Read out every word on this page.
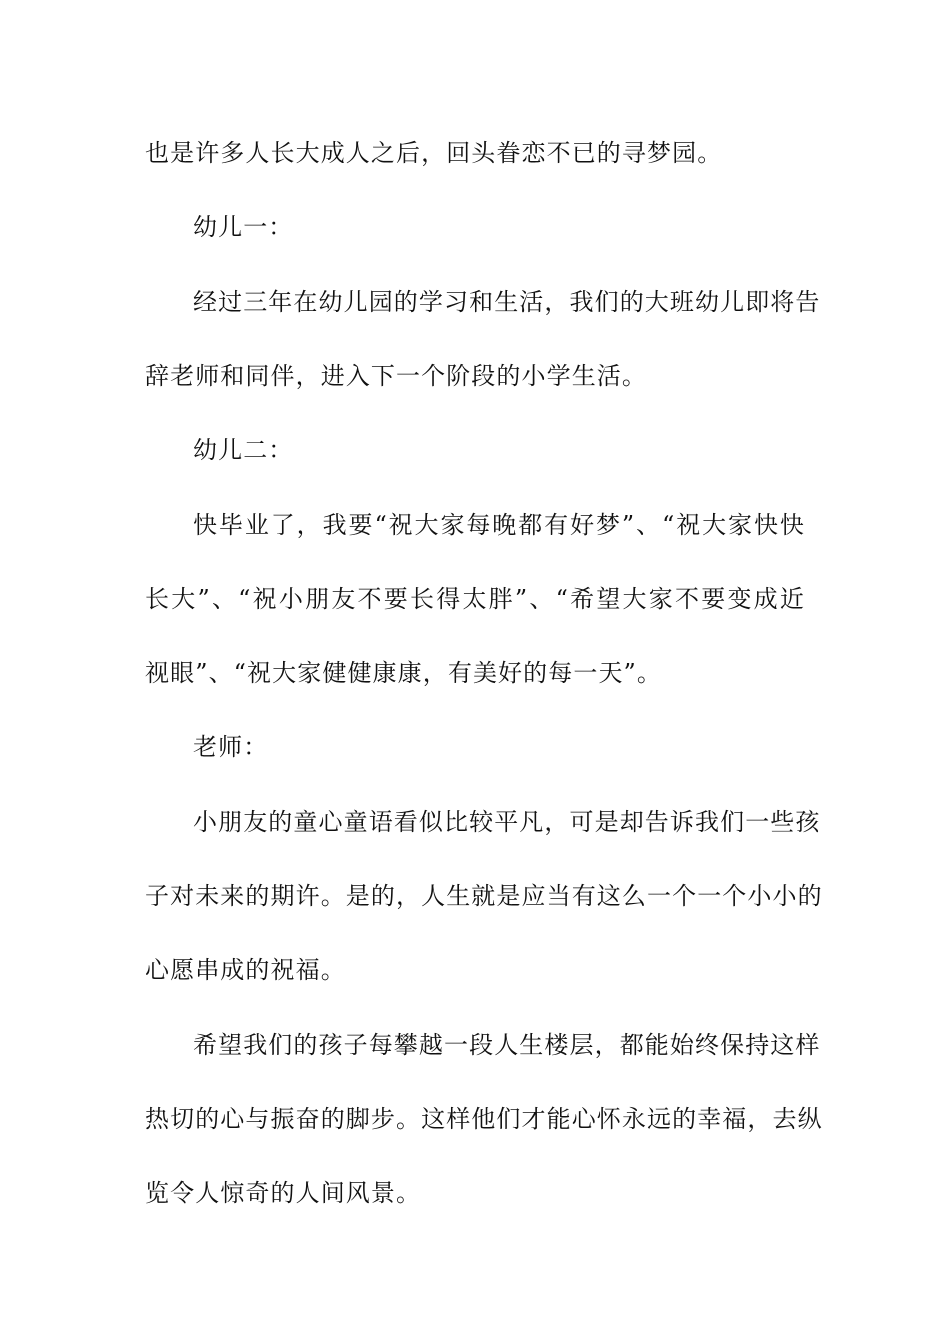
也是许多人长大成人之后，回头眷恋不已的寻梦园。

幼儿一：

经过三年在幼儿园的学习和生活，我们的大班幼儿即将告

辞老师和同伴，进入下一个阶段的小学生活。

幼儿二：

快毕业了，我要“祝大家每晚都有好梦”、“祝大家快快

长大”、“祝小朋友不要长得太胖”、“希望大家不要变成近

视眼”、“祝大家健健康康，有美好的每一天”。

老师：

小朋友的童心童语看似比较平凡，可是却告诉我们一些孩

子对未来的期许。是的，人生就是应当有这么一个一个小小的

心愿串成的祝福。

希望我们的孩子每攀越一段人生楼层，都能始终保持这样

热切的心与振奋的脚步。这样他们才能心怀永远的幸福，去纵

览令人惊奇的人间风景。
